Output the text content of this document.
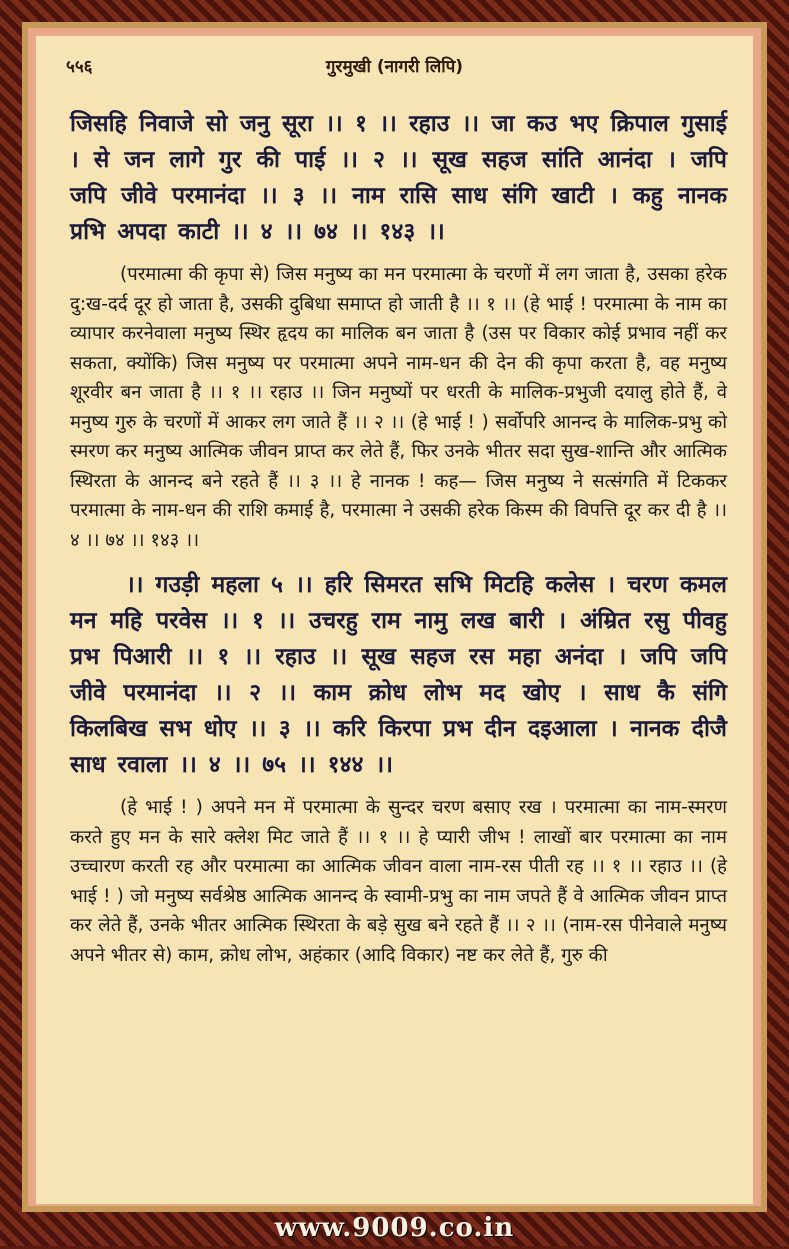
५५६	गुरमुखी (नागरी लिपि)

जिसहि निवाजे सो जनु सूरा ।। १ ।। रहाउ ।। जा कउ भए क्रिपाल गुसाई । से जन लागे गुर की पाई ।। २ ।। सूख सहज सांति आनंदा । जपि जपि जीवे परमानंदा ।। ३ ।। नाम रासि साध संगि खाटी । कहु नानक प्रभि अपदा काटी ।। ४ ।। ७४ ।। १४३ ।।

(परमात्मा की कृपा से) जिस मनुष्य का मन परमात्मा के चरणों में लग जाता है, उसका हरेक दु:ख-दर्द दूर हो जाता है, उसकी दुबिधा समाप्त हो जाती है ।। १ ।। (हे भाई ! परमात्मा के नाम का व्यापार करनेवाला मनुष्य स्थिर हृदय का मालिक बन जाता है (उस पर विकार कोई प्रभाव नहीं कर सकता, क्योंकि) जिस मनुष्य पर परमात्मा अपने नाम-धन की देन की कृपा करता है, वह मनुष्य शूरवीर बन जाता है ।। १ ।। रहाउ ।। जिन मनुष्यों पर धरती के मालिक-प्रभुजी दयालु होते हैं, वे मनुष्य गुरु के चरणों में आकर लग जाते हैं ।। २ ।। (हे भाई ! ) सर्वोपरि आनन्द के मालिक-प्रभु को स्मरण कर मनुष्य आत्मिक जीवन प्राप्त कर लेते हैं, फिर उनके भीतर सदा सुख-शान्ति और आत्मिक स्थिरता के आनन्द बने रहते हैं ।। ३ ।। हे नानक ! कह— जिस मनुष्य ने सत्संगति में टिककर परमात्मा के नाम-धन की राशि कमाई है, परमात्मा ने उसकी हरेक किस्म की विपत्ति दूर कर दी है ।। ४ ।। ७४ ।। १४३ ।।

।। गउड़ी महला ५ ।। हरि सिमरत सभि मिटहि कलेस । चरण कमल मन महि परवेस ।। १ ।। उचरहु राम नामु लख बारी । अंम्रित रसु पीवहु प्रभ पिआरी ।। १ ।। रहाउ ।। सूख सहज रस महा अनंदा । जपि जपि जीवे परमानंदा ।। २ ।। काम क्रोध लोभ मद खोए । साध कै संगि किलबिख सभ धोए ।। ३ ।। करि किरपा प्रभ दीन दइआला । नानक दीजै साध रवाला ।। ४ ।। ७५ ।। १४४ ।।

(हे भाई ! ) अपने मन में परमात्मा के सुन्दर चरण बसाए रख । परमात्मा का नाम-स्मरण करते हुए मन के सारे क्लेश मिट जाते हैं ।। १ ।। हे प्यारी जीभ ! लाखों बार परमात्मा का नाम उच्चारण करती रह और परमात्मा का आत्मिक जीवन वाला नाम-रस पीती रह ।। १ ।। रहाउ ।। (हे भाई ! ) जो मनुष्य सर्वश्रेष्ठ आत्मिक आनन्द के स्वामी-प्रभु का नाम जपते हैं वे आत्मिक जीवन प्राप्त कर लेते हैं, उनके भीतर आत्मिक स्थिरता के बड़े सुख बने रहते हैं ।। २ ।। (नाम-रस पीनेवाले मनुष्य अपने भीतर से) काम, क्रोध लोभ, अहंकार (आदि विकार) नष्ट कर लेते हैं, गुरु की

www.9009.co.in
